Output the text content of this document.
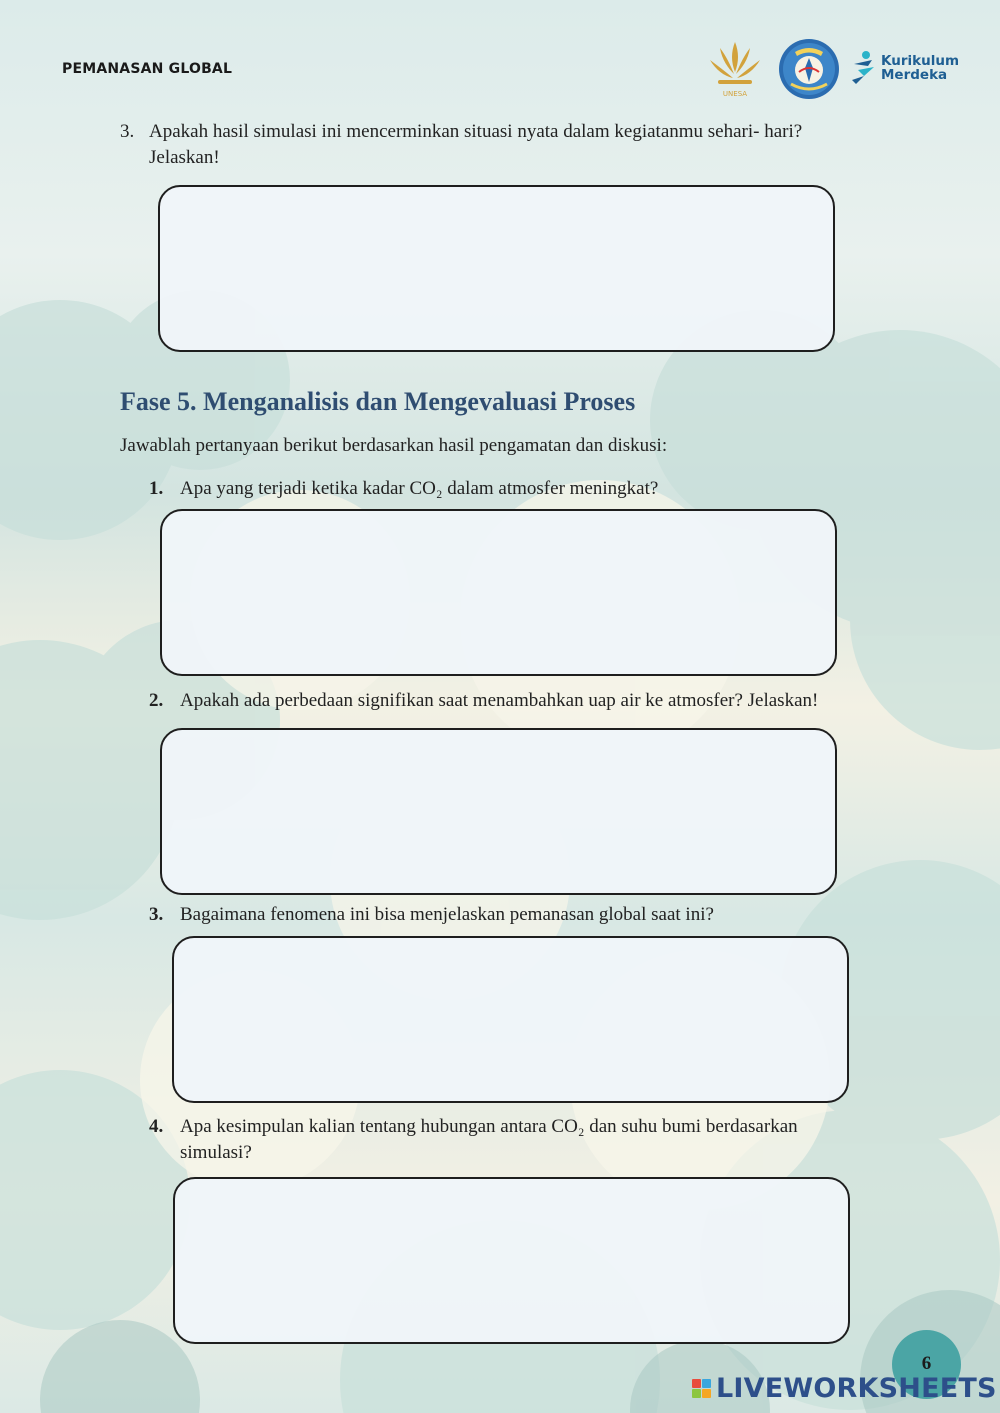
PEMANASAN GLOBAL
UNESA
Kurikulum
Merdeka
3. Apakah hasil simulasi ini mencerminkan situasi nyata dalam kegiatanmu sehari- hari?
Jelaskan!
Fase 5. Menganalisis dan Mengevaluasi Proses
Jawablah pertanyaan berikut berdasarkan hasil pengamatan dan diskusi:
1. Apa yang terjadi ketika kadar CO₂ dalam atmosfer meningkat?
2. Apakah ada perbedaan signifikan saat menambahkan uap air ke atmosfer? Jelaskan!
3. Bagaimana fenomena ini bisa menjelaskan pemanasan global saat ini?
4. Apa kesimpulan kalian tentang hubungan antara CO₂ dan suhu bumi berdasarkan
simulasi?
6
LIVEWORKSHEETS
